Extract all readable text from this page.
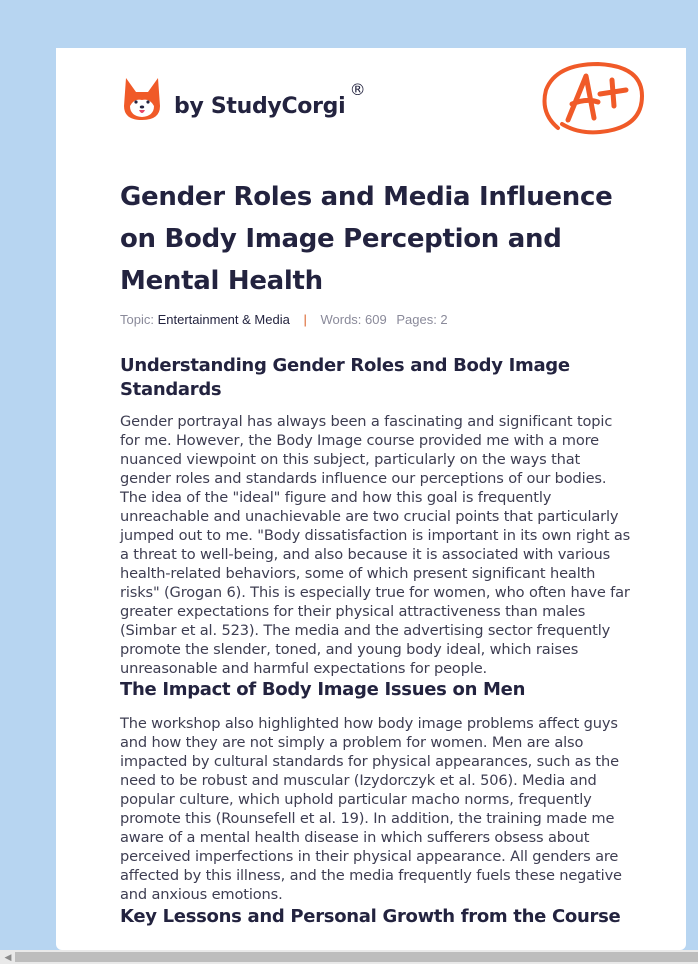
by StudyCorgi
®
Gender Roles and Media Influence on Body Image Perception and Mental Health
Topic: Entertainment & Media | Words: 609 Pages: 2
Understanding Gender Roles and Body Image Standards

Gender portrayal has always been a fascinating and significant topic for me. However, the Body Image course provided me with a more nuanced viewpoint on this subject, particularly on the ways that gender roles and standards influence our perceptions of our bodies. The idea of the "ideal" figure and how this goal is frequently unreachable and unachievable are two crucial points that particularly jumped out to me. "Body dissatisfaction is important in its own right as a threat to well-being, and also because it is associated with various health-related behaviors, some of which present significant health risks" (Grogan 6). This is especially true for women, who often have far greater expectations for their physical attractiveness than males (Simbar et al. 523). The media and the advertising sector frequently promote the slender, toned, and young body ideal, which raises unreasonable and harmful expectations for people.

The Impact of Body Image Issues on Men

The workshop also highlighted how body image problems affect guys and how they are not simply a problem for women. Men are also impacted by cultural standards for physical appearances, such as the need to be robust and muscular (Izydorczyk et al. 506). Media and popular culture, which uphold particular macho norms, frequently promote this (Rounsefell et al. 19). In addition, the training made me aware of a mental health disease in which sufferers obsess about perceived imperfections in their physical appearance. All genders are affected by this illness, and the media frequently fuels these negative and anxious emotions.

Key Lessons and Personal Growth from the Course
◀
